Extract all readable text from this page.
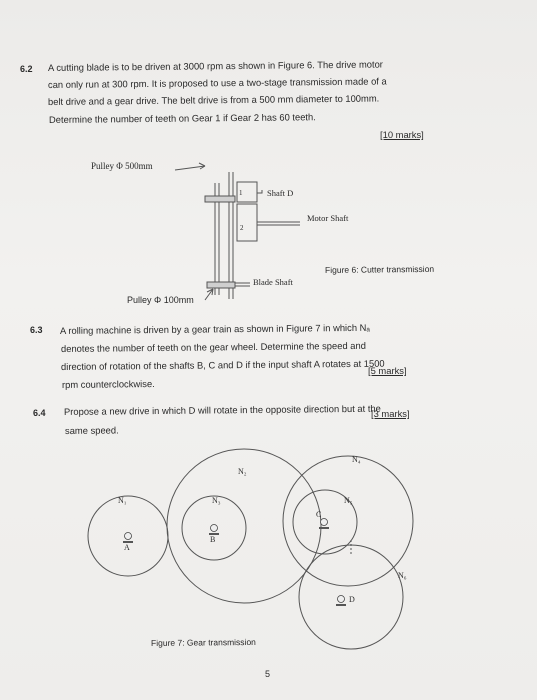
6.2 A cutting blade is to be driven at 3000 rpm as shown in Figure 6. The drive motor
can only run at 300 rpm. It is proposed to use a two-stage transmission made of a
belt drive and a gear drive. The belt drive is from a 500 mm diameter to 100mm.
Determine the number of teeth on Gear 1 if Gear 2 has 60 teeth.
[10 marks]
Pulley Φ 500mm
Shaft D
Motor Shaft
Blade Shaft
1
2
Figure 6: Cutter transmission
Pulley Φ 100mm
6.3 A rolling machine is driven by a gear train as shown in Figure 7 in which Nₐ
denotes the number of teeth on the gear wheel. Determine the speed and
direction of rotation of the shafts B, C and D if the input shaft A rotates at 1500
rpm counterclockwise.
[5 marks]
6.4 Propose a new drive in which D will rotate in the opposite direction but at the
same speed.
[3 marks]
N₁
N₂
N₃
N₄
N₅
N₆
A
B
C
D
Figure 7: Gear transmission
5
